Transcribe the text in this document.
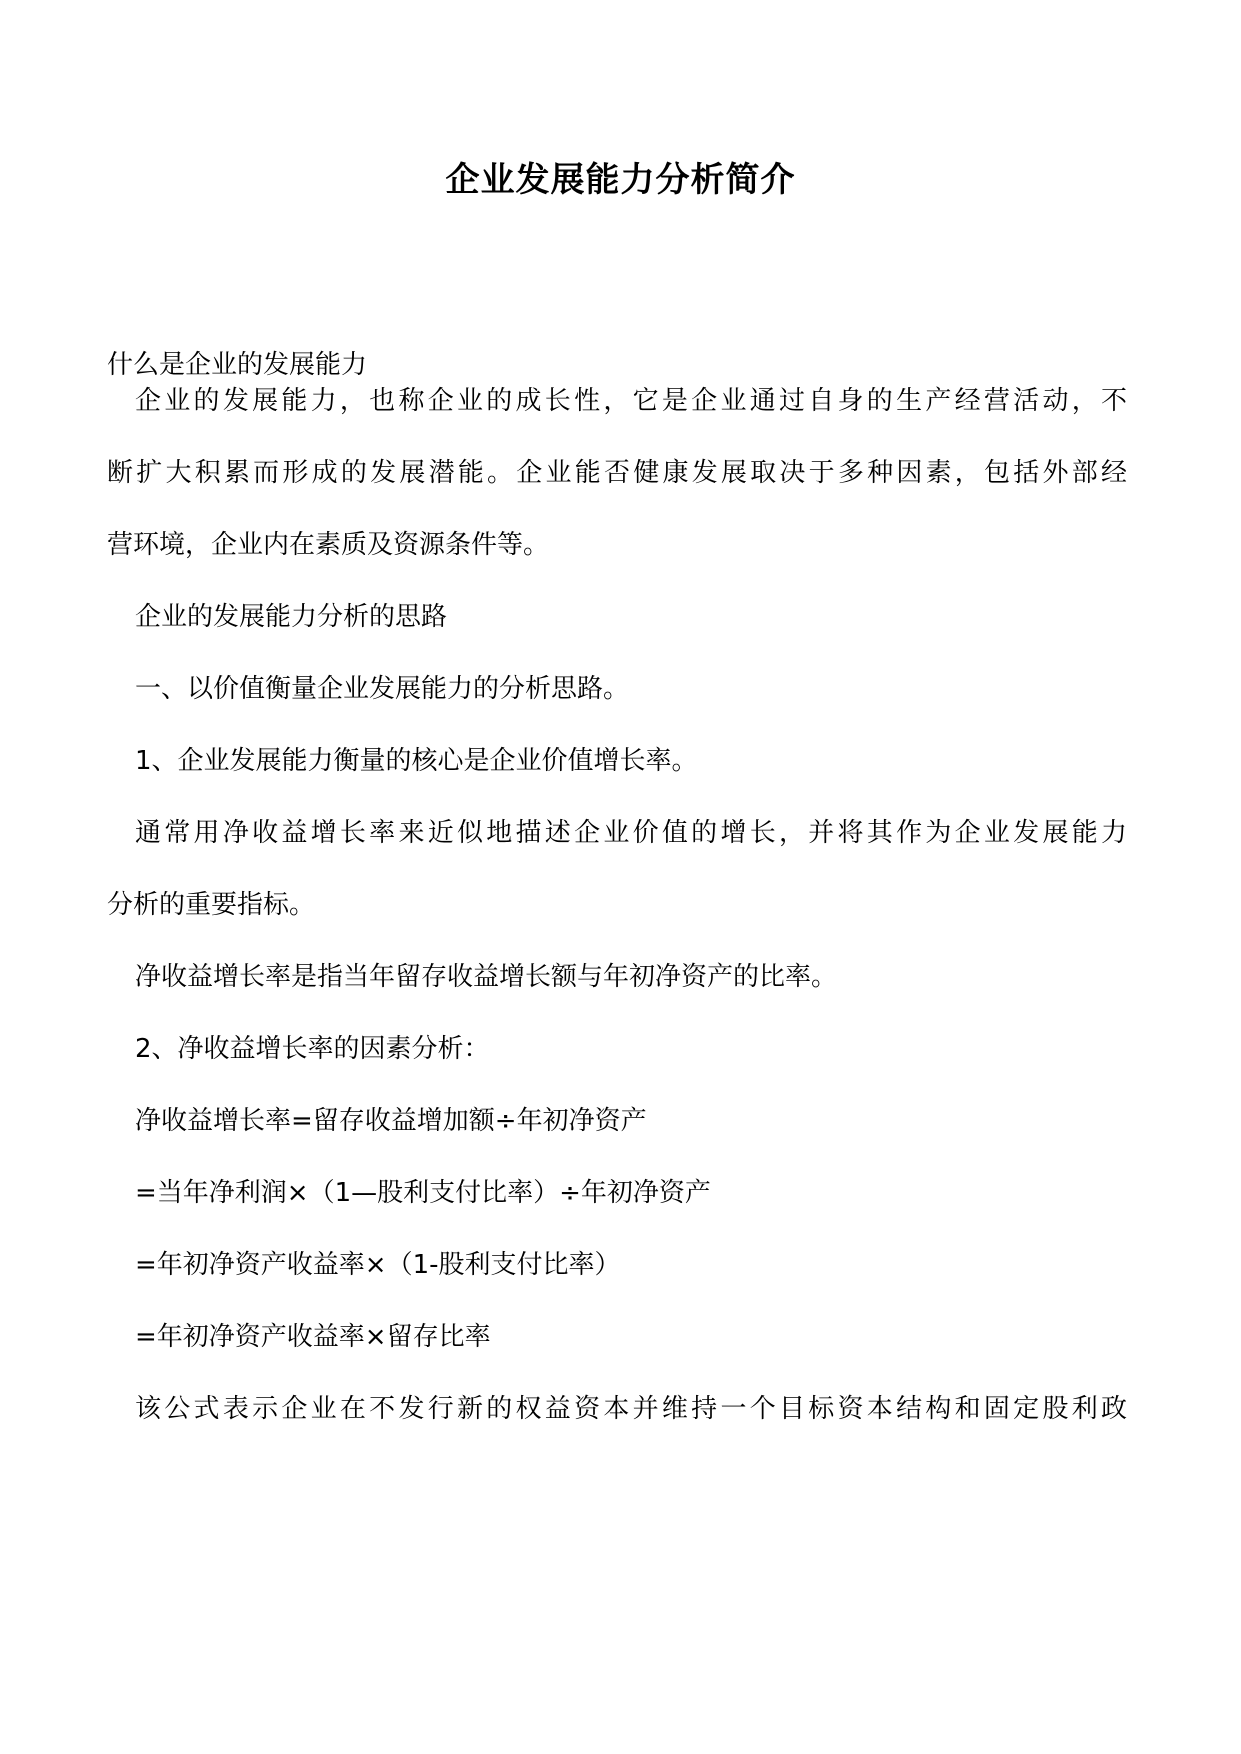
企业发展能力分析简介
什么是企业的发展能力
企业的发展能力，也称企业的成长性，它是企业通过自身的生产经营活动，不
断扩大积累而形成的发展潜能。企业能否健康发展取决于多种因素，包括外部经
营环境，企业内在素质及资源条件等。
企业的发展能力分析的思路
一、以价值衡量企业发展能力的分析思路。
1、企业发展能力衡量的核心是企业价值增长率。
通常用净收益增长率来近似地描述企业价值的增长，并将其作为企业发展能力
分析的重要指标。
净收益增长率是指当年留存收益增长额与年初净资产的比率。
2、净收益增长率的因素分析：
净收益增长率=留存收益增加额÷年初净资产
=当年净利润×（1—股利支付比率）÷年初净资产
=年初净资产收益率×（1-股利支付比率）
=年初净资产收益率×留存比率
该公式表示企业在不发行新的权益资本并维持一个目标资本结构和固定股利政
